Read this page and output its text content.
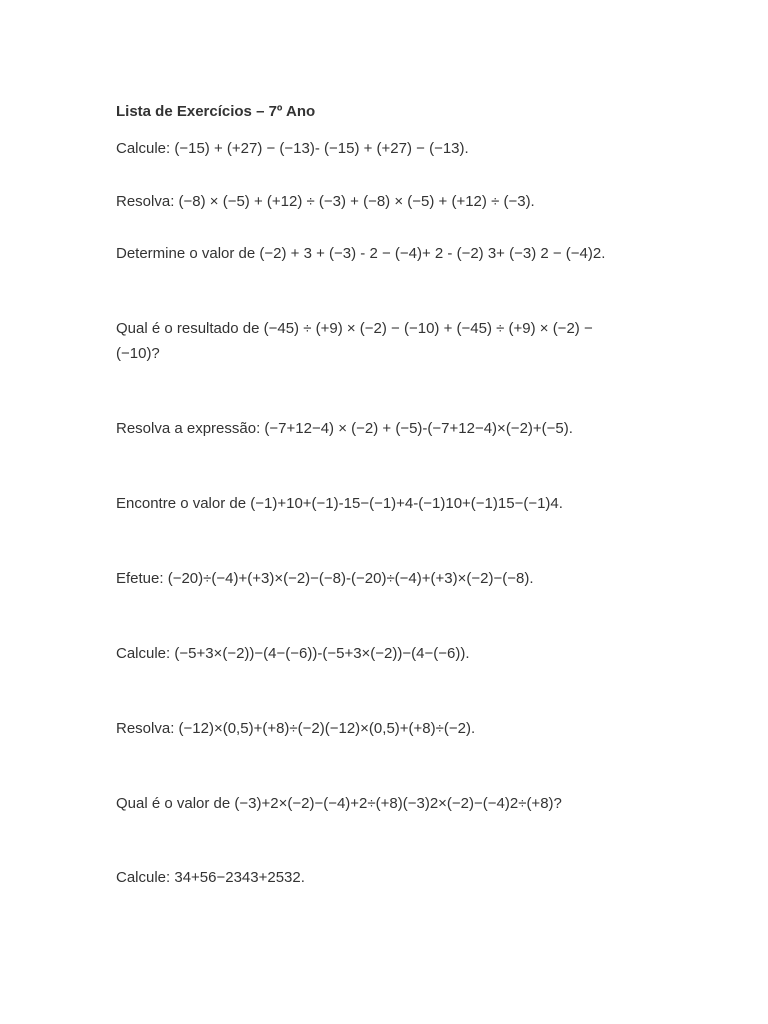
Lista de Exercícios – 7º Ano
Calcule: (−15) + (+27) − (−13)- (−15) + (+27) − (−13).
Resolva: (−8) × (−5) + (+12) ÷ (−3) + (−8) × (−5) + (+12) ÷ (−3).
Determine o valor de (−2) + 3 + (−3) - 2 − (−4)+ 2 - (−2) 3+ (−3) 2 − (−4)2.
Qual é o resultado de (−45) ÷ (+9) × (−2) − (−10) + (−45) ÷ (+9) × (−2) − (−10)?
Resolva a expressão: (−7+12−4) × (−2) + (−5)-(−7+12−4)×(−2)+(−5).
Encontre o valor de (−1)+10+(−1)-15−(−1)+4-(−1)10+(−1)15−(−1)4.
Efetue: (−20)÷(−4)+(+3)×(−2)−(−8)-(−20)÷(−4)+(+3)×(−2)−(−8).
Calcule: (−5+3×(−2))−(4−(−6))-(−5+3×(−2))−(4−(−6)).
Resolva: (−12)×(0,5)+(+8)÷(−2)(−12)×(0,5)+(+8)÷(−2).
Qual é o valor de (−3)+2×(−2)−(−4)+2÷(+8)(−3)2×(−2)−(−4)2÷(+8)?
Calcule: 34+56−2343+2532.
